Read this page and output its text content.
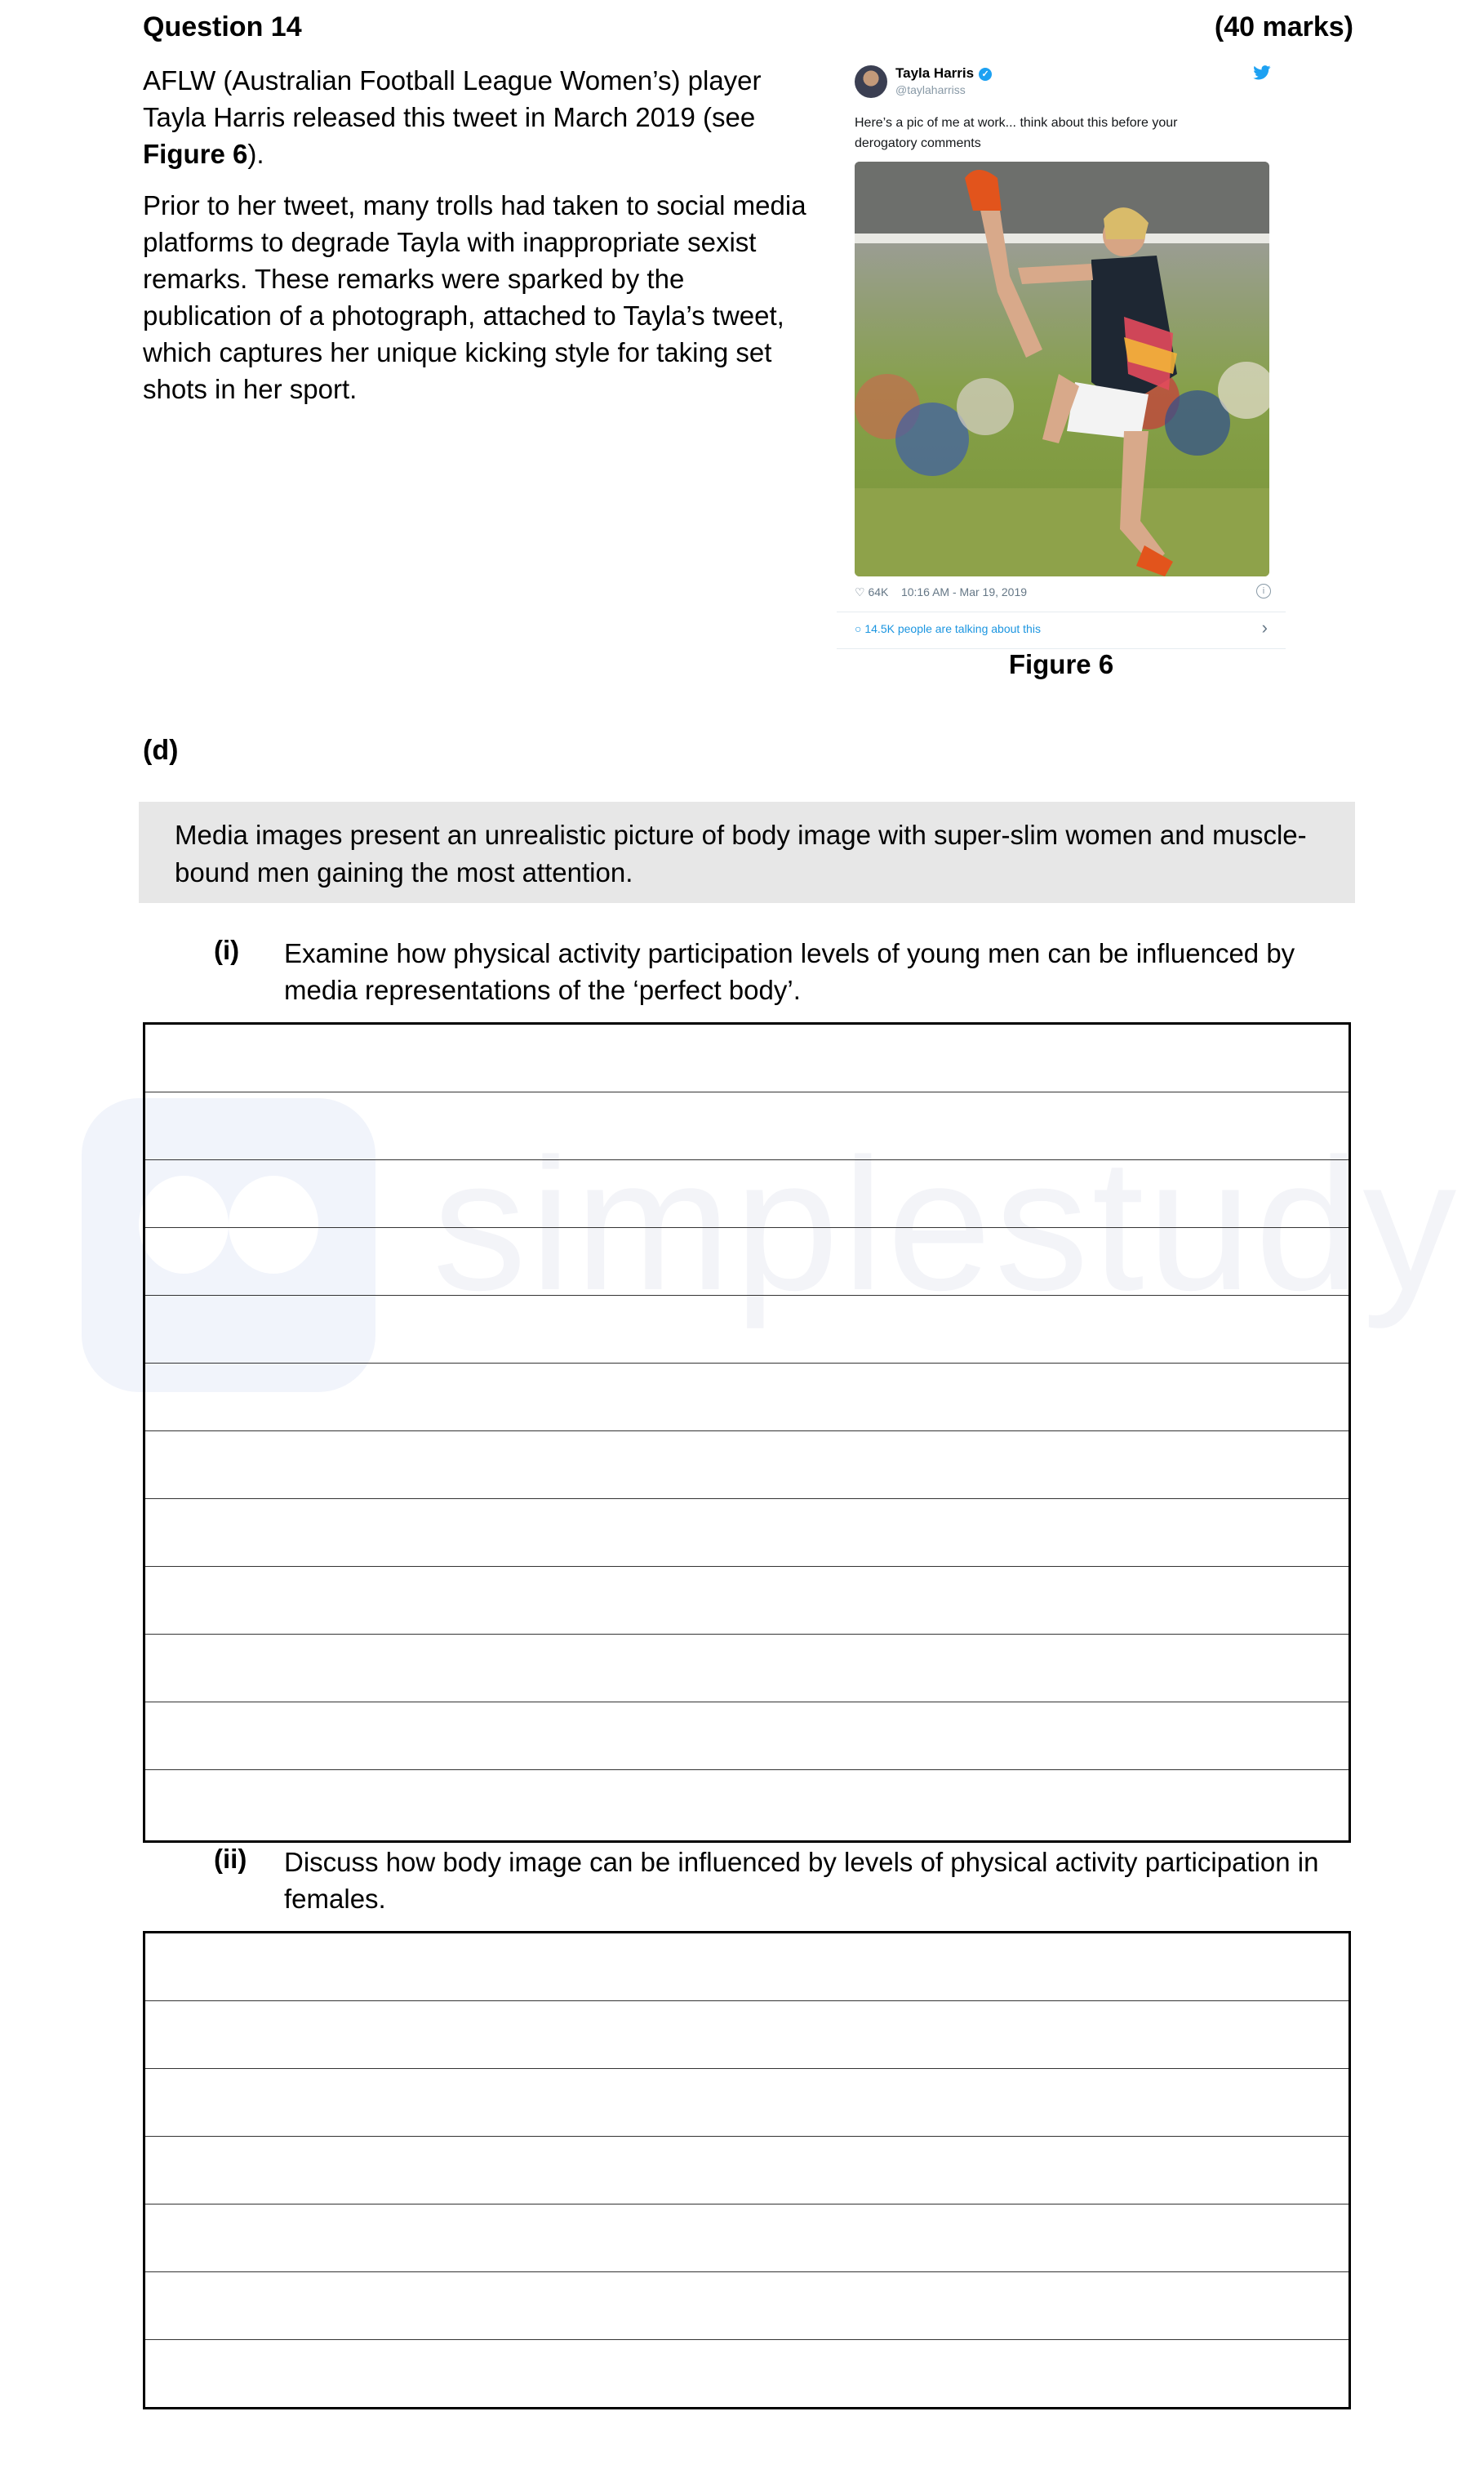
simplestudy
Question 14	(40 marks)

AFLW (Australian Football League Women’s) player Tayla Harris released this tweet in March 2019 (see Figure 6).

Prior to her tweet, many trolls had taken to social media platforms to degrade Tayla with inappropriate sexist remarks. These remarks were sparked by the publication of a photograph, attached to Tayla’s tweet, which captures her unique kicking style for taking set shots in her sport.

Tayla Harris ✓
@taylaharriss
Here’s a pic of me at work... think about this before your derogatory comments
♡ 64K 10:16 AM - Mar 19, 2019	i
○ 14.5K people are talking about this	›
Figure 6
(d)
Media images present an unrealistic picture of body image with super-slim women and muscle-bound men gaining the most attention.
(i) Examine how physical activity participation levels of young men can be influenced by media representations of the ‘perfect body’.
(ii) Discuss how body image can be influenced by levels of physical activity participation in females.
